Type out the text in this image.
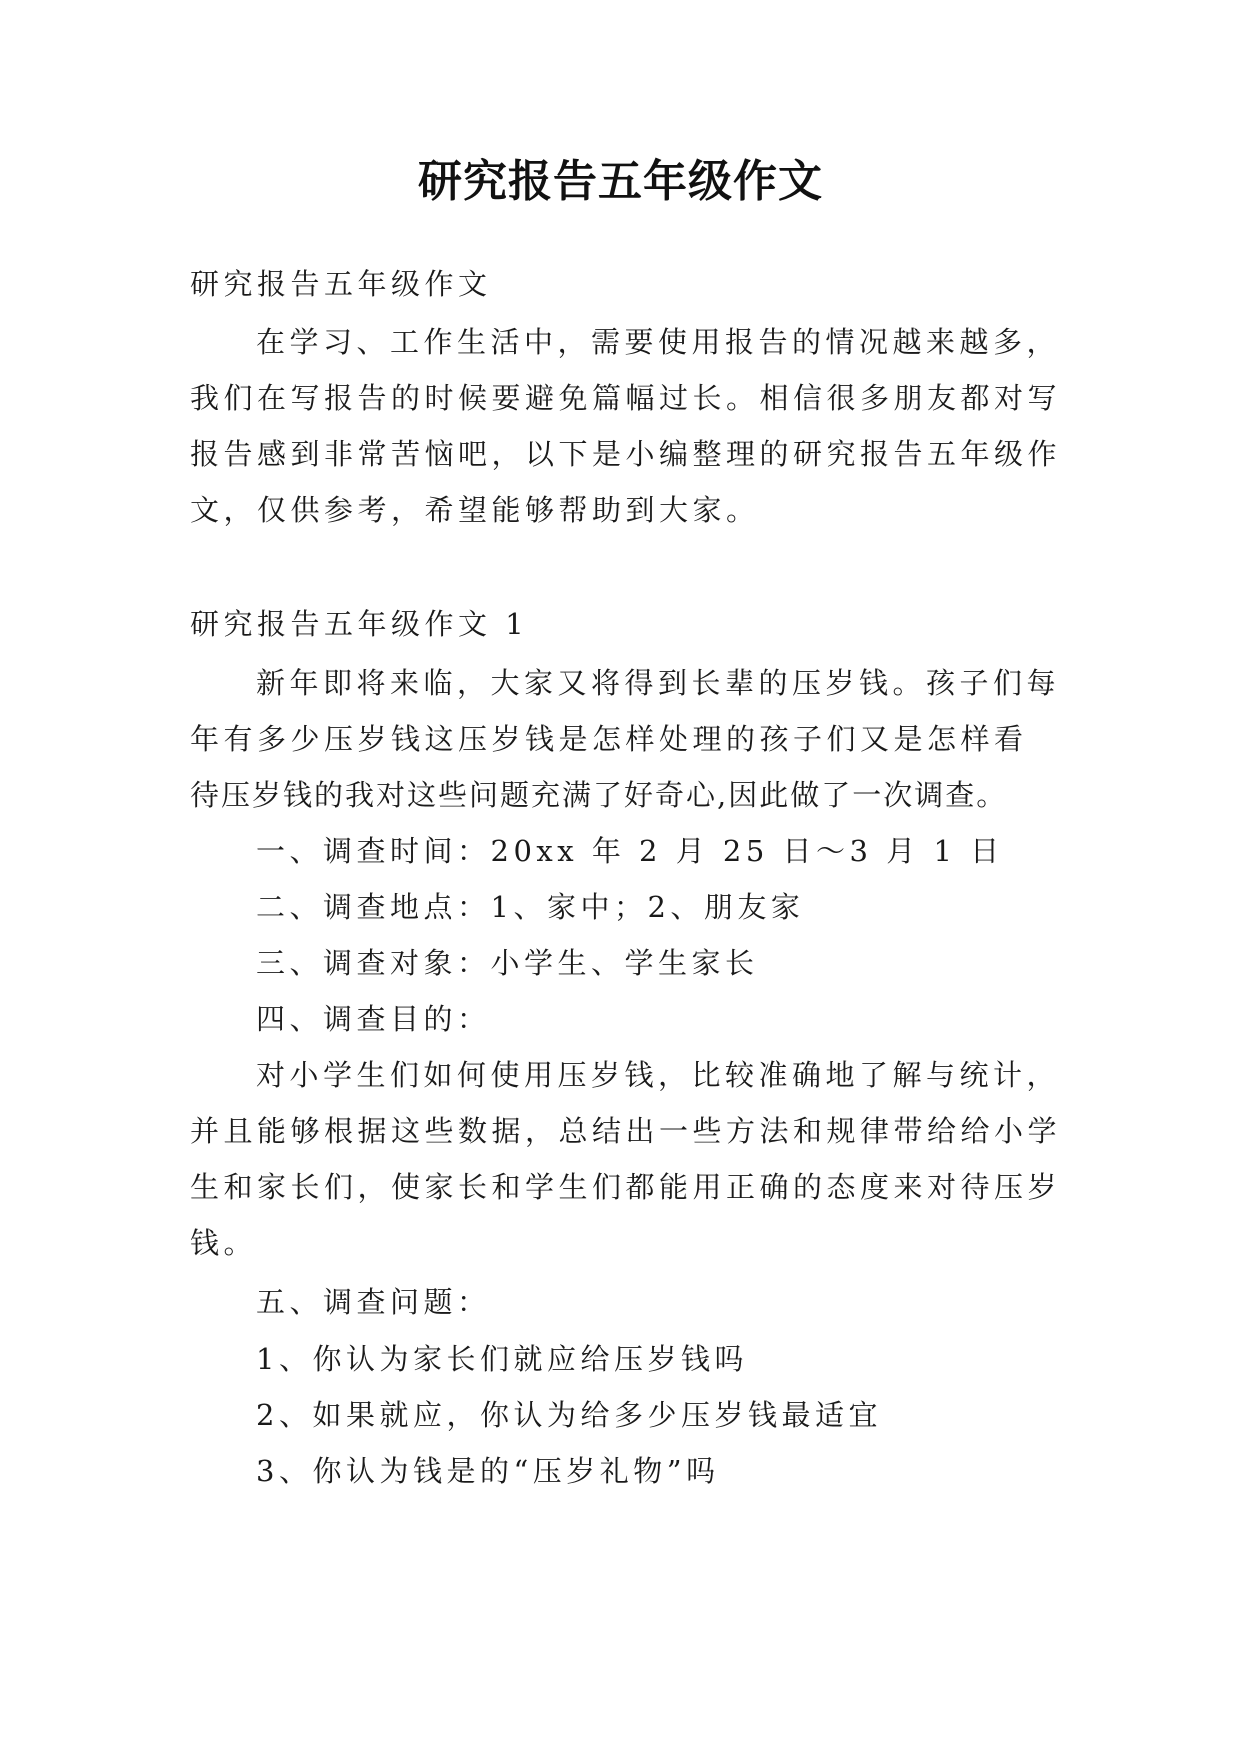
研究报告五年级作文
研究报告五年级作文
在学习、工作生活中，需要使用报告的情况越来越多，
我们在写报告的时候要避免篇幅过长。相信很多朋友都对写
报告感到非常苦恼吧，以下是小编整理的研究报告五年级作
文，仅供参考，希望能够帮助到大家。
研究报告五年级作文 1
新年即将来临，大家又将得到长辈的压岁钱。孩子们每
年有多少压岁钱这压岁钱是怎样处理的孩子们又是怎样看
待压岁钱的我对这些问题充满了好奇心,因此做了一次调查。
一、调查时间：20xx 年 2 月 25 日～3 月 1 日
二、调查地点：1、家中；2、朋友家
三、调查对象：小学生、学生家长
四、调查目的：
对小学生们如何使用压岁钱，比较准确地了解与统计，
并且能够根据这些数据，总结出一些方法和规律带给给小学
生和家长们，使家长和学生们都能用正确的态度来对待压岁
钱。
五、调查问题：
1、你认为家长们就应给压岁钱吗
2、如果就应，你认为给多少压岁钱最适宜
3、你认为钱是的“压岁礼物”吗
